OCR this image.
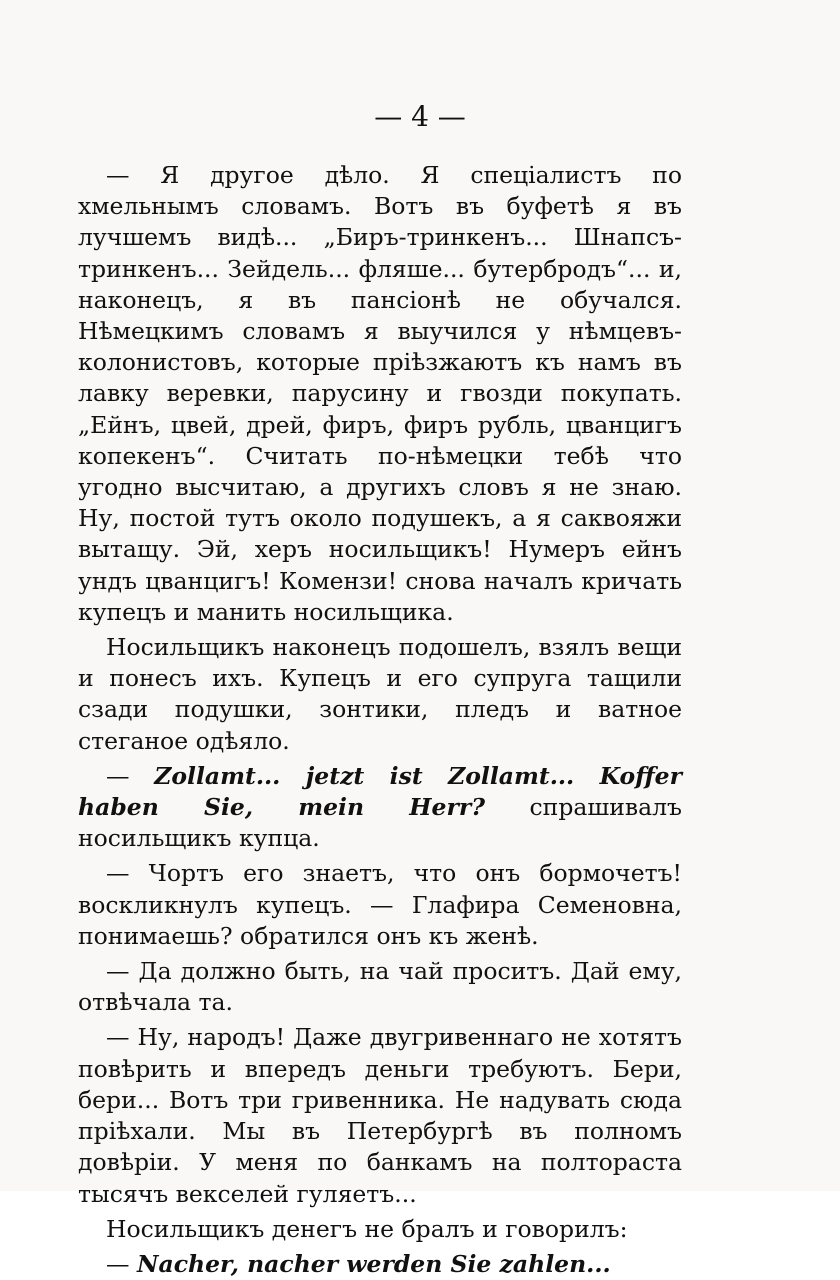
— 4 —

— Я другое дѣло. Я спеціалистъ по хмельнымъ словамъ. Вотъ въ буфетѣ я въ лучшемъ видѣ... „Биръ-тринкенъ... Шнапсъ-тринкенъ... Зейдель... фляше... бутербродъ“... и, наконецъ, я въ пансіонѣ не обучался. Нѣмецкимъ словамъ я выучился у нѣмцевъ-колонистовъ, которые пріѣзжаютъ къ намъ въ лавку веревки, парусину и гвозди покупать. „Ейнъ, цвей, дрей, фиръ, фиръ рубль, цванцигъ копекенъ“. Считать по-нѣмецки тебѣ что угодно высчитаю, а другихъ словъ я не знаю. Ну, постой тутъ около подушекъ, а я саквояжи вытащу. Эй, херъ носильщикъ! Нумеръ ейнъ ундъ цванцигъ! Комензи! снова началъ кричать купецъ и манить носильщика.

Носильщикъ наконецъ подошелъ, взялъ вещи и понесъ ихъ. Купецъ и его супруга тащили сзади подушки, зонтики, пледъ и ватное стеганое одѣяло.

— Zollamt... jetzt ist Zollamt... Koffer haben Sie, mein Herr? спрашивалъ носильщикъ купца.

— Чортъ его знаетъ, что онъ бормочетъ! воскликнулъ купецъ. — Глафира Семеновна, понимаешь? обратился онъ къ женѣ.

— Да должно быть, на чай проситъ. Дай ему, отвѣчала та.

— Ну, народъ! Даже двугривеннаго не хотятъ повѣрить и впередъ деньги требуютъ. Бери, бери... Вотъ три гривенника. Не надувать сюда пріѣхали. Мы въ Петербургѣ въ полномъ довѣріи. У меня по банкамъ на полтораста тысячъ векселей гуляетъ...

Носильщикъ денегъ не бралъ и говорилъ:

— Nacher, nacher werden Sie zahlen...
